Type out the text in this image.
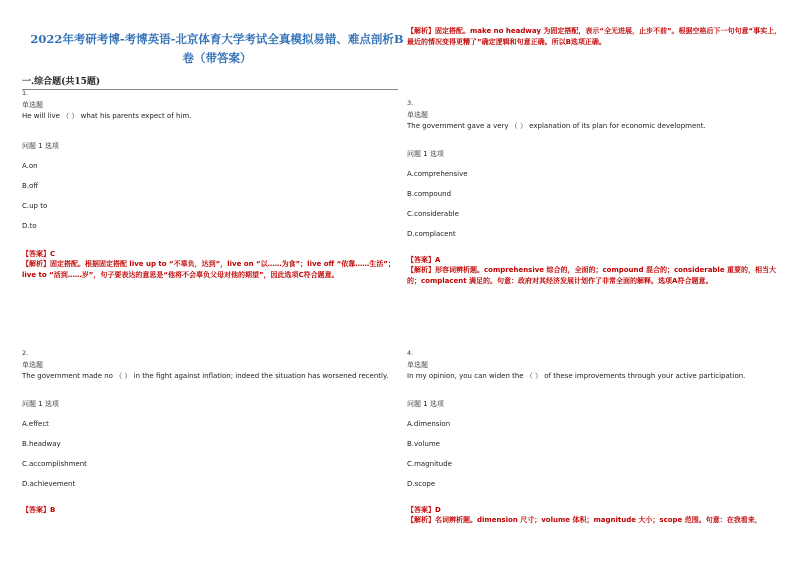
2022年考研考博-考博英语-北京体育大学考试全真模拟易错、难点剖析B卷（带答案）
一.综合题(共15题)
【解析】固定搭配。make no headway 为固定搭配，表示“全无进展，止步不前”。根据空格后下一句句意“事实上，最近的情况变得更糟了”确定逻辑和句意正确。所以B选项正确。
1.
单选题
He will live （ ） what his parents expect of him.
问题 1 选项
A.on
B.off
C.up to
D.to
【答案】C
【解析】固定搭配。根据固定搭配 live up to “不辜负，达到”，live on “以……为食”；live off “依靠……生活”；live to “活到……岁”，句子要表达的意思是“他将不会辜负父母对他的期望”，因此选项C符合题意。
2.
单选题
The government made no （ ） in the fight against inflation; indeed the situation has worsened recently.
问题 1 选项
A.effect
B.headway
C.accomplishment
D.achievement
【答案】B
3.
单选题
The government gave a very （ ） explanation of its plan for economic development.
问题 1 选项
A.comprehensive
B.compound
C.considerable
D.complacent
【答案】A
【解析】形容词辨析题。comprehensive 综合的，全面的；compound 混合的；considerable 重要的，相当大的；complacent 满足的。句意：政府对其经济发展计划作了非常全面的解释。选项A符合题意。
4.
单选题
In my opinion, you can widen the （ ） of these improvements through your active participation.
问题 1 选项
A.dimension
B.volume
C.magnitude
D.scope
【答案】D
【解析】名词辨析题。dimension 尺寸；volume 体积；magnitude 大小；scope 范围。句意：在我看来，
